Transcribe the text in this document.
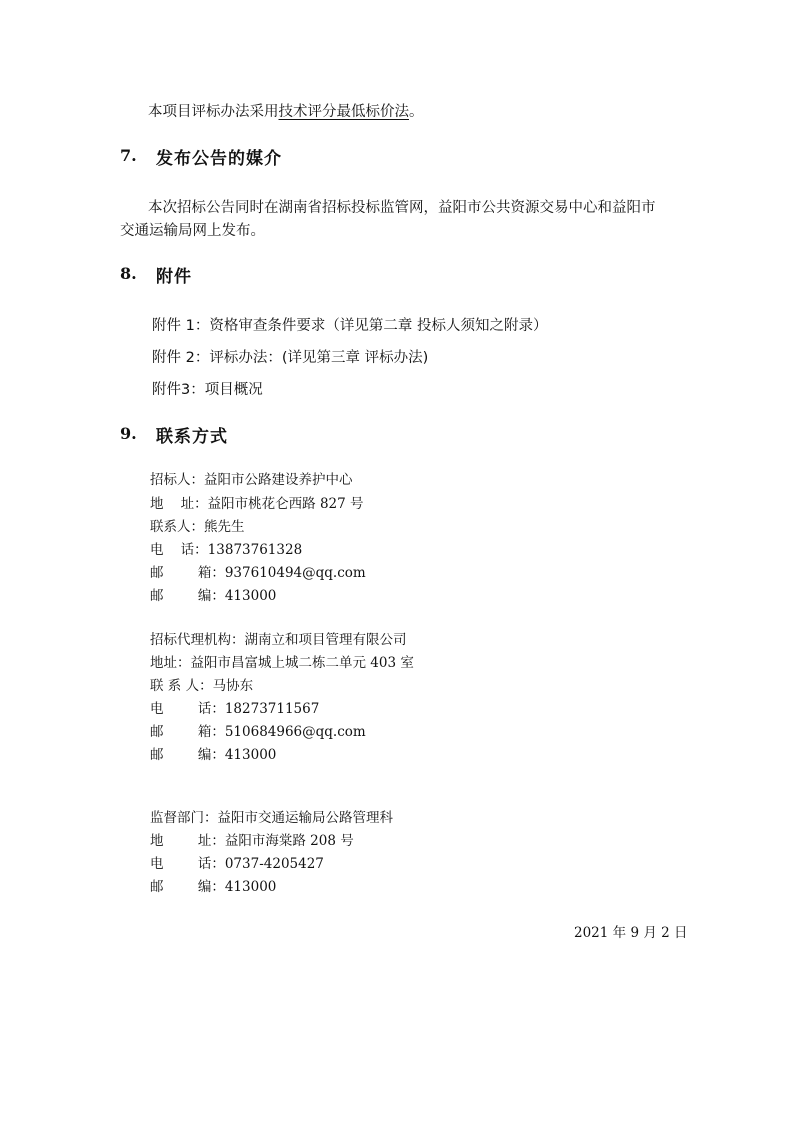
本项目评标办法采用技术评分最低标价法。
7. 发布公告的媒介
本次招标公告同时在湖南省招标投标监管网，益阳市公共资源交易中心和益阳市
交通运输局网上发布。
8. 附件
附件 1：资格审查条件要求（详见第二章 投标人须知之附录）
附件 2：评标办法：(详见第三章 评标办法)
附件3：项目概况
9. 联系方式
招标人：益阳市公路建设养护中心
地    址：益阳市桃花仑西路 827 号
联系人：熊先生
电    话：13873761328
邮        箱：937610494@qq.com
邮        编：413000
招标代理机构：湖南立和项目管理有限公司
地址：益阳市昌富城上城二栋二单元 403 室
联 系 人：马协东
电        话：18273711567
邮        箱：510684966@qq.com
邮        编：413000
监督部门：益阳市交通运输局公路管理科
地        址：益阳市海棠路 208 号
电        话：0737-4205427
邮        编：413000
2021 年 9 月 2 日
